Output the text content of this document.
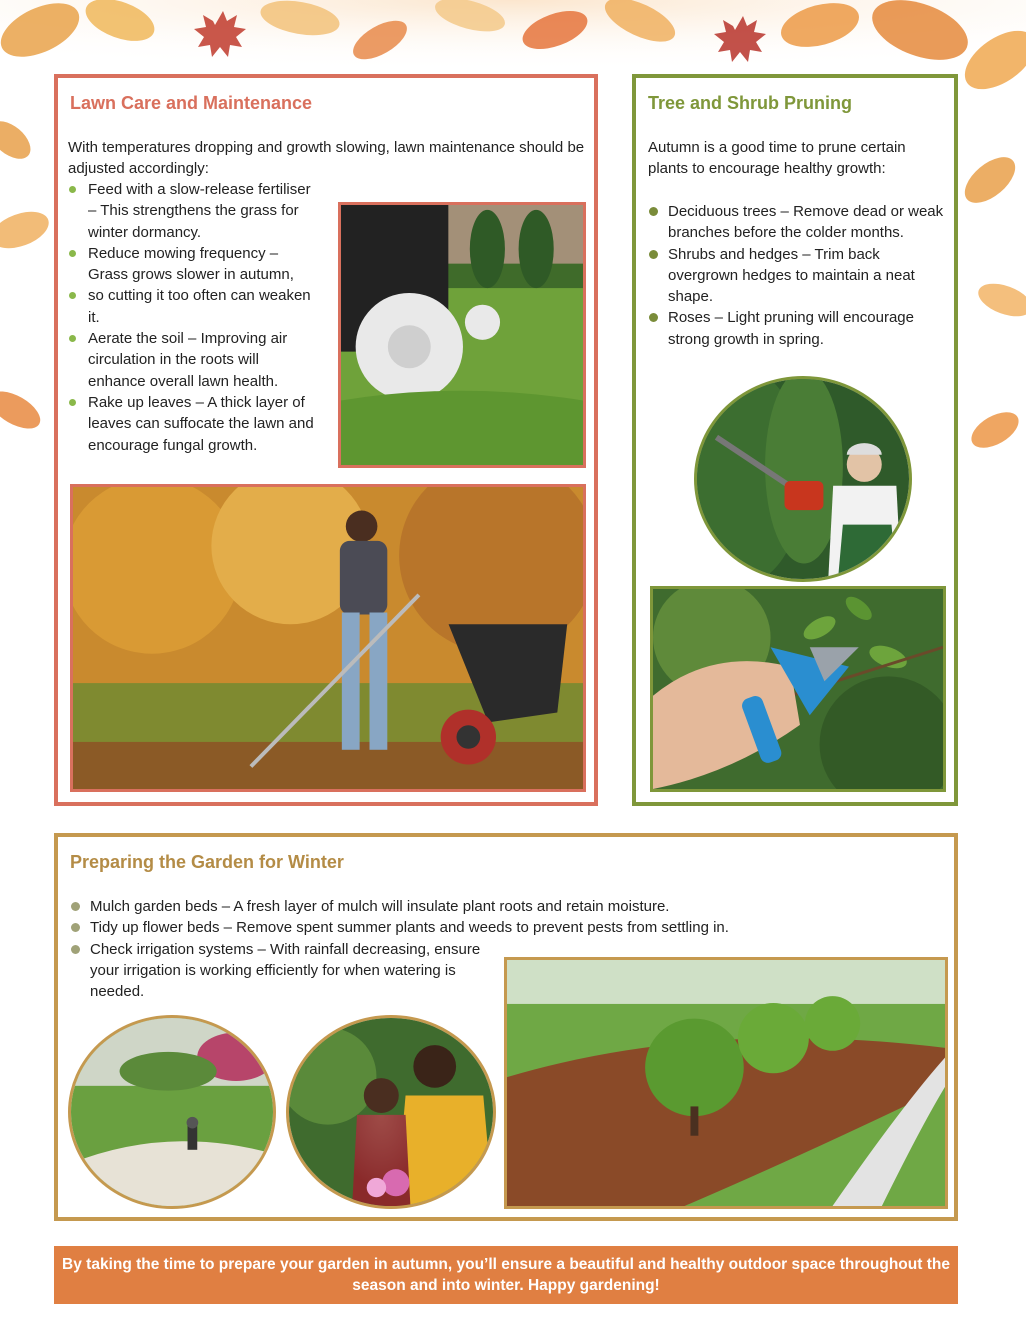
Lawn Care and Maintenance
With temperatures dropping and growth slowing, lawn maintenance should be adjusted accordingly:
Feed with a slow-release fertiliser – This strengthens the grass for winter dormancy.
Reduce mowing frequency – Grass grows slower in autumn,
so cutting it too often can weaken it.
Aerate the soil – Improving air circulation in the roots will enhance overall lawn health.
Rake up leaves – A thick layer of leaves can suffocate the lawn and encourage fungal growth.
Tree and Shrub Pruning
Autumn is a good time to prune certain plants to encourage healthy growth:
Deciduous trees – Remove dead or weak branches before the colder months.
Shrubs and hedges – Trim back overgrown hedges to maintain a neat shape.
Roses – Light pruning will encourage strong growth in spring.
Preparing the Garden for Winter
Mulch garden beds – A fresh layer of mulch will insulate plant roots and retain moisture.
Tidy up flower beds – Remove spent summer plants and weeds to prevent pests from settling in.
Check irrigation systems – With rainfall decreasing, ensure your irrigation is working efficiently for when watering is needed.
By taking the time to prepare your garden in autumn, you’ll ensure a beautiful and healthy outdoor space throughout the season and into winter. Happy gardening!
